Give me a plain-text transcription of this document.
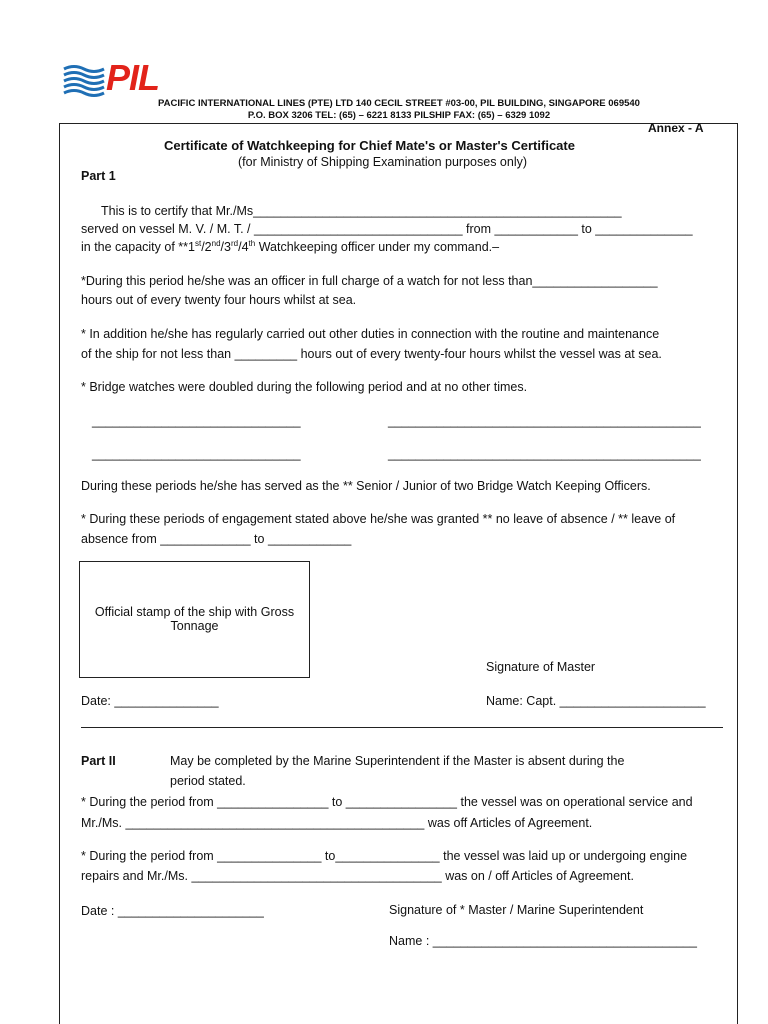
PIL
PACIFIC INTERNATIONAL LINES (PTE) LTD 140 CECIL STREET #03-00, PIL BUILDING, SINGAPORE 069540
P.O. BOX 3206 TEL: (65) – 6221 8133 PILSHIP FAX: (65) – 6329 1092
Annex - A
Certificate of Watchkeeping for Chief Mate's or Master's Certificate
(for Ministry of Shipping Examination purposes only)
Part 1
This is to certify that Mr./Ms_____________________________________________________
served on vessel M. V. / M. T. / ______________________________ from ____________ to ______________
in the capacity of **1st/2nd/3rd/4th Watchkeeping officer under my command.–
*During this period he/she was an officer in full charge of a watch for not less than__________________
hours out of every twenty four hours whilst at sea.
* In addition he/she has regularly carried out other duties in connection with the routine and maintenance
of the ship for not less than _________ hours out of every twenty-four hours whilst the vessel was at sea.
* Bridge watches were doubled during the following period and at no other times.
______________________________	_____________________________________________
______________________________	_____________________________________________
During these periods he/she has served as the ** Senior / Junior of two Bridge Watch Keeping Officers.
* During these periods of engagement stated above he/she was granted ** no leave of absence / ** leave of
absence from _____________ to ____________
Official stamp of the ship with Gross Tonnage
Signature of Master
Date: _______________	Name: Capt. _____________________
Part II	May be completed by the Marine Superintendent if the Master is absent during the
period stated.
* During the period from ________________ to ________________ the vessel was on operational service and
Mr./Ms. ___________________________________________ was off Articles of Agreement.
* During the period from _______________ to_______________ the vessel was laid up or undergoing engine
repairs and Mr./Ms. ____________________________________ was on / off Articles of Agreement.
Date : _____________________	Signature of * Master / Marine Superintendent
Name : ______________________________________
